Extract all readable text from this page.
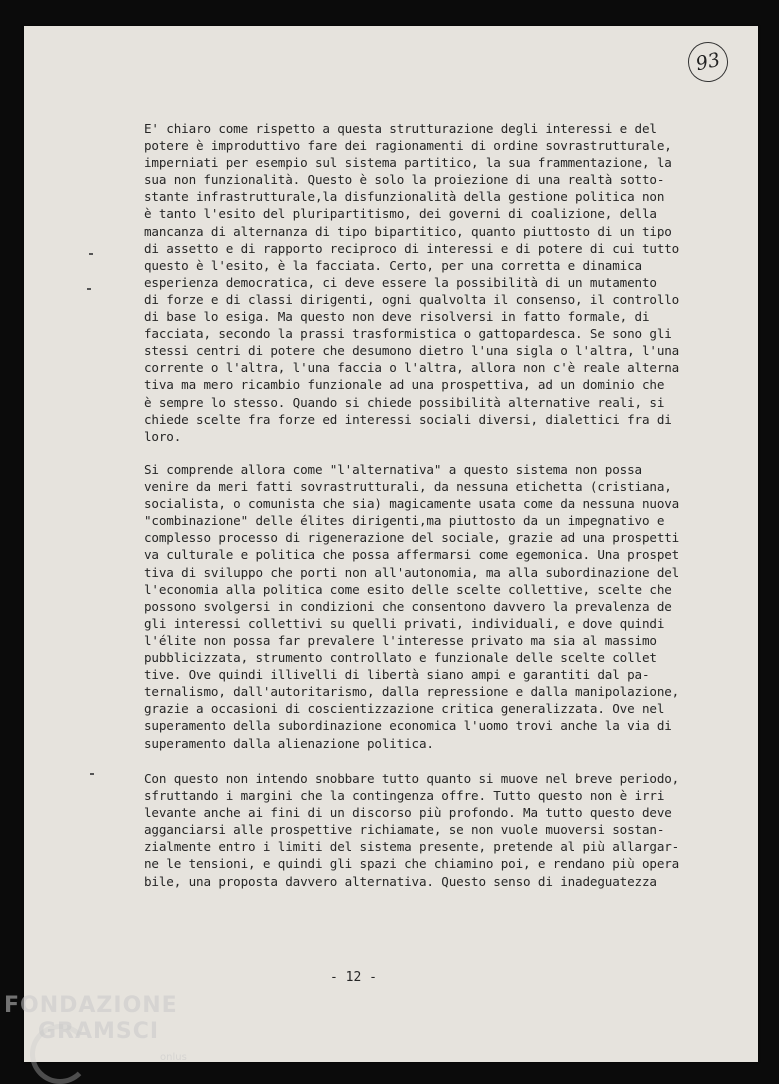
93
E' chiaro come rispetto a questa strutturazione degli interessi e del
potere è improduttivo fare dei ragionamenti di ordine sovrastrutturale,
imperniati per esempio sul sistema partitico, la sua frammentazione, la
sua non funzionalità. Questo è solo la proiezione di una realtà sotto-
stante infrastrutturale,la disfunzionalità della gestione politica non
è tanto l'esito del pluripartitismo, dei governi di coalizione, della
mancanza di alternanza di tipo bipartitico, quanto piuttosto di un tipo
di assetto e di rapporto reciproco di interessi e di potere di cui tutto
questo è l'esito, è la facciata. Certo, per una corretta e dinamica
esperienza democratica, ci deve essere la possibilità di un mutamento
di forze e di classi dirigenti, ogni qualvolta il consenso, il controllo
di base lo esiga. Ma questo non deve risolversi in fatto formale, di
facciata, secondo la prassi trasformistica o gattopardesca. Se sono gli
stessi centri di potere che desumono dietro l'una sigla o l'altra, l'una
corrente o l'altra, l'una faccia o l'altra, allora non c'è reale alterna
tiva ma mero ricambio funzionale ad una prospettiva, ad un dominio che
è sempre lo stesso. Quando si chiede possibilità alternative reali, si
chiede scelte fra forze ed interessi sociali diversi, dialettici fra di
loro.
Si comprende allora come "l'alternativa" a questo sistema non possa
venire da meri fatti sovrastrutturali, da nessuna etichetta (cristiana,
socialista, o comunista che sia) magicamente usata come da nessuna nuova
"combinazione" delle élites dirigenti,ma piuttosto da un impegnativo e
complesso processo di rigenerazione del sociale, grazie ad una prospetti
va culturale e politica che possa affermarsi come egemonica. Una prospet
tiva di sviluppo che porti non all'autonomia, ma alla subordinazione del
l'economia alla politica come esito delle scelte collettive, scelte che
possono svolgersi in condizioni che consentono davvero la prevalenza de
gli interessi collettivi su quelli privati, individuali, e dove quindi
l'élite non possa far prevalere l'interesse privato ma sia al massimo
pubblicizzata, strumento controllato e funzionale delle scelte collet
tive. Ove quindi illivelli di libertà siano ampi e garantiti dal pa-
ternalismo, dall'autoritarismo, dalla repressione e dalla manipolazione,
grazie a occasioni di coscientizzazione critica generalizzata. Ove nel
superamento della subordinazione economica l'uomo trovi anche la via di
superamento dalla alienazione politica.
Con questo non intendo snobbare tutto quanto si muove nel breve periodo,
sfruttando i margini che la contingenza offre. Tutto questo non è irri
levante anche ai fini di un discorso più profondo. Ma tutto questo deve
agganciarsi alle prospettive richiamate, se non vuole muoversi sostan-
zialmente entro i limiti del sistema presente, pretende al più allargar-
ne le tensioni, e quindi gli spazi che chiamino poi, e rendano più opera
bile, una proposta davvero alternativa. Questo senso di inadeguatezza
- 12 -
FONDAZIONE
GRAMSCI
onlus
